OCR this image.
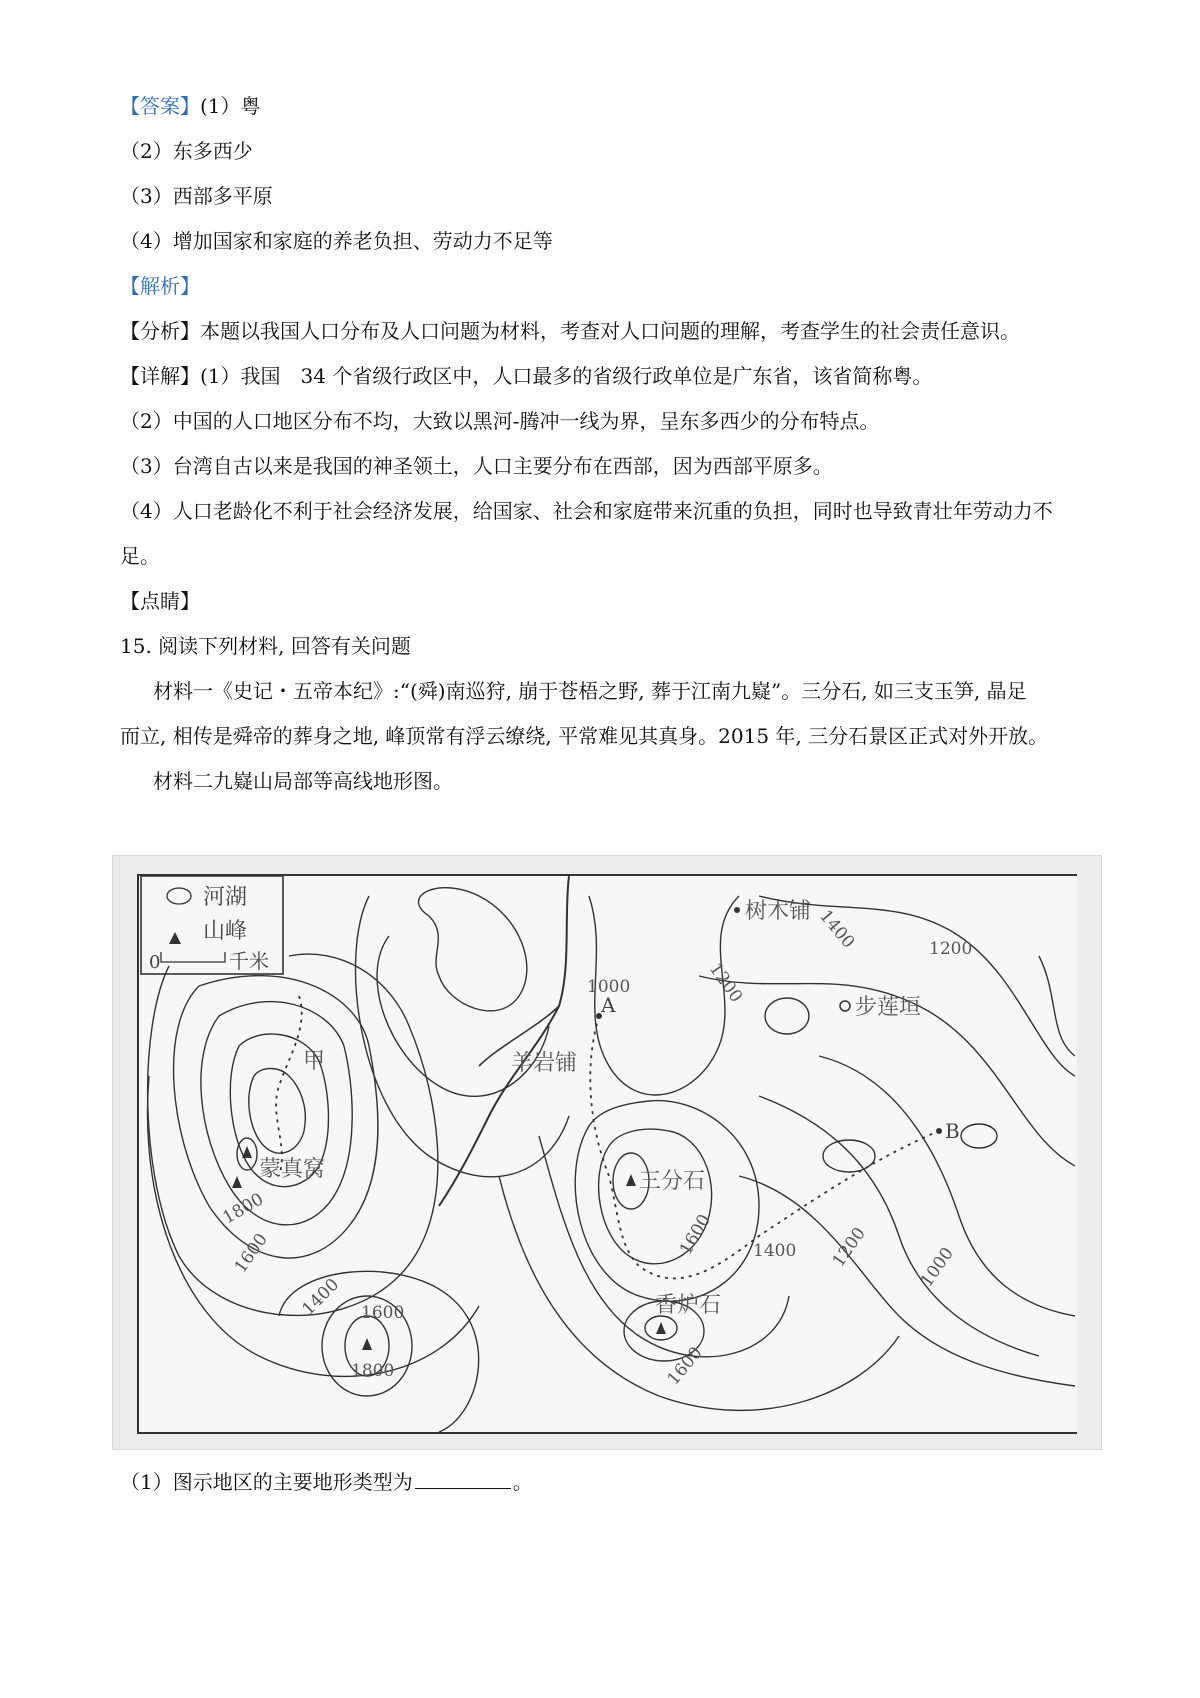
【答案】(1）粤
（2）东多西少
（3）西部多平原
（4）增加国家和家庭的养老负担、劳动力不足等
【解析】
【分析】本题以我国人口分布及人口问题为材料，考查对人口问题的理解，考查学生的社会责任意识。
【详解】(1）我国　34 个省级行政区中，人口最多的省级行政单位是广东省，该省简称粤。
（2）中国的人口地区分布不均，大致以黑河-腾冲一线为界，呈东多西少的分布特点。
（3）台湾自古以来是我国的神圣领土，人口主要分布在西部，因为西部平原多。
（4）人口老龄化不利于社会经济发展，给国家、社会和家庭带来沉重的负担，同时也导致青壮年劳动力不
足。
【点睛】
15. 阅读下列材料, 回答有关问题
材料一《史记・五帝本纪》:“(舜)南巡狩, 崩于苍梧之野, 葬于江南九嶷”。三分石, 如三支玉笋, 晶足
而立, 相传是舜帝的葬身之地, 峰顶常有浮云缭绕, 平常难见其真身。2015 年, 三分石景区正式对外开放。
材料二九嶷山局部等高线地形图。
河湖
山峰
0	千米
树木铺
步莲垣
羊岩铺
甲
蒙真窝	三分石
香炉石
A
B
1400	1200
1000	1200
1800
1600
1400 1600
1800
1600 1400 1200	1000
1600
（1）图示地区的主要地形类型为	。
